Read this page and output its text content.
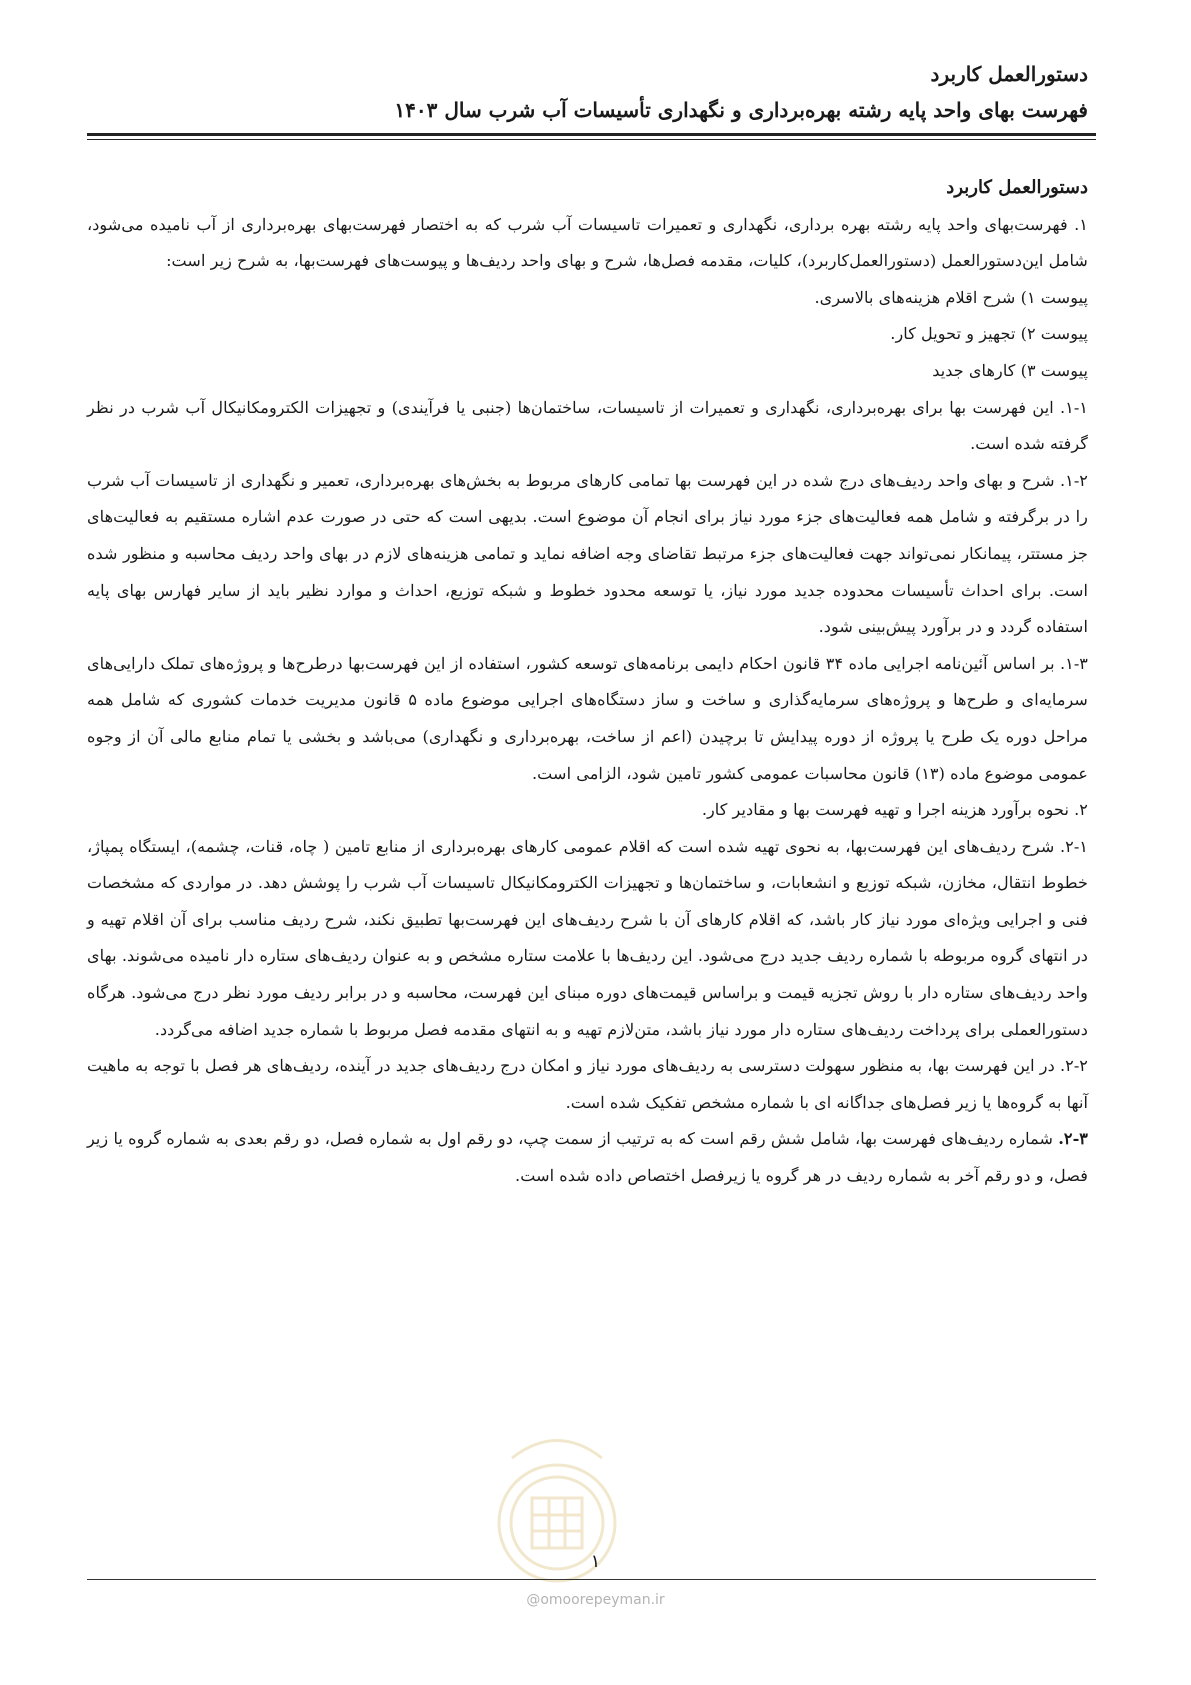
دستورالعمل کاربرد
فهرست بهای واحد پایه رشته بهره‌برداری و نگهداری تأسیسات آب شرب سال ۱۴۰۳

دستورالعمل کاربرد

۱. فهرست‌بهای واحد پایه رشته بهره برداری، نگهداری و تعمیرات تاسیسات آب شرب که به اختصار فهرست‌بهای بهره‌برداری از آب نامیده می‌شود، شامل این‌دستورالعمل (دستورالعمل‌کاربرد)، کلیات، مقدمه فصل‌ها، شرح و بهای واحد ردیف‌ها و پیوست‌های فهرست‌بها، به شرح زیر است:

پیوست ۱) شرح اقلام هزینه‌های بالاسری.

پیوست ۲) تجهیز و تحویل کار.

پیوست ۳) کارهای جدید

۱-۱. این فهرست بها برای بهره‌برداری، نگهداری و تعمیرات از تاسیسات، ساختمان‌ها (جنبی یا فرآیندی) و تجهیزات الکترومکانیکال آب شرب در نظر گرفته شده است.

۱-۲. شرح و بهای واحد ردیف‌های درج شده در این فهرست بها تمامی کارهای مربوط به بخش‌های بهره‌برداری، تعمیر و نگهداری از تاسیسات آب شرب را در برگرفته و شامل همه فعالیت‌های جزء مورد نیاز برای انجام آن موضوع است. بدیهی است که حتی در صورت عدم اشاره مستقیم به فعالیت‌های جز مستتر، پیمانکار نمی‌تواند جهت فعالیت‌های جزء مرتبط تقاضای وجه اضافه نماید و تمامی هزینه‌های لازم در بهای واحد ردیف محاسبه و منظور شده است. برای احداث تأسیسات محدوده جدید مورد نیاز، یا توسعه محدود خطوط و شبکه توزیع، احداث و موارد نظیر باید از سایر فهارس بهای پایه استفاده گردد و در برآورد پیش‌بینی شود.

۱-۳. بر اساس آئین‌نامه اجرایی ماده ۳۴ قانون احکام دایمی برنامه‌های توسعه کشور، استفاده از این فهرست‌بها درطرح‌ها و پروژه‌های تملک دارایی‌های سرمایه‌ای و طرح‌ها و پروژه‌های سرمایه‌گذاری و ساخت و ساز دستگاه‌های اجرایی موضوع ماده ۵ قانون مدیریت خدمات کشوری که شامل همه مراحل دوره یک طرح یا پروژه از دوره پیدایش تا برچیدن (اعم از ساخت، بهره‌برداری و نگهداری) می‌باشد و بخشی یا تمام منابع مالی آن از وجوه عمومی موضوع ماده (۱۳) قانون محاسبات عمومی کشور تامین شود، الزامی است.

۲. نحوه برآورد هزینه اجرا و تهیه فهرست بها و مقادیر کار.

۲-۱. شرح ردیف‌های این فهرست‌بها، به نحوی تهیه شده است که اقلام عمومی کارهای بهره‌برداری از منابع تامین ( چاه، قنات، چشمه)، ایستگاه پمپاژ، خطوط انتقال، مخازن، شبکه توزیع و انشعابات، و ساختمان‌ها و تجهیزات الکترومکانیکال تاسیسات آب شرب را پوشش دهد. در مواردی که مشخصات فنی و اجرایی ویژه‌ای مورد نیاز کار باشد، که اقلام کارهای آن با شرح ردیف‌های این فهرست‌بها تطبیق نکند، شرح ردیف مناسب برای آن اقلام تهیه و در انتهای گروه مربوطه با شماره ردیف جدید درج می‌شود. این ردیف‌ها با علامت ستاره مشخص و به عنوان ردیف‌های ستاره دار نامیده می‌شوند. بهای واحد ردیف‌های ستاره دار با روش تجزیه قیمت و براساس قیمت‌های دوره مبنای این فهرست، محاسبه و در برابر ردیف مورد نظر درج می‌شود. هرگاه دستورالعملی برای پرداخت ردیف‌های ستاره دار مورد نیاز باشد، متن‌لازم تهیه و به انتهای مقدمه فصل مربوط با شماره جدید اضافه می‌گردد.

۲-۲. در این فهرست بها، به منظور سهولت دسترسی به ردیف‌های مورد نیاز و امکان درج ردیف‌های جدید در آینده، ردیف‌های هر فصل با توجه به ماهیت آنها به گروه‌ها یا زیر فصل‌های جداگانه ای با شماره مشخص تفکیک شده است.

۲-۳. شماره ردیف‌های فهرست بها، شامل شش رقم است که به ترتیب از سمت چپ، دو رقم اول به شماره فصل، دو رقم بعدی به شماره گروه یا زیر فصل، و دو رقم آخر به شماره ردیف در هر گروه یا زیرفصل اختصاص داده شده است.

۱
@omoorepeyman.ir
